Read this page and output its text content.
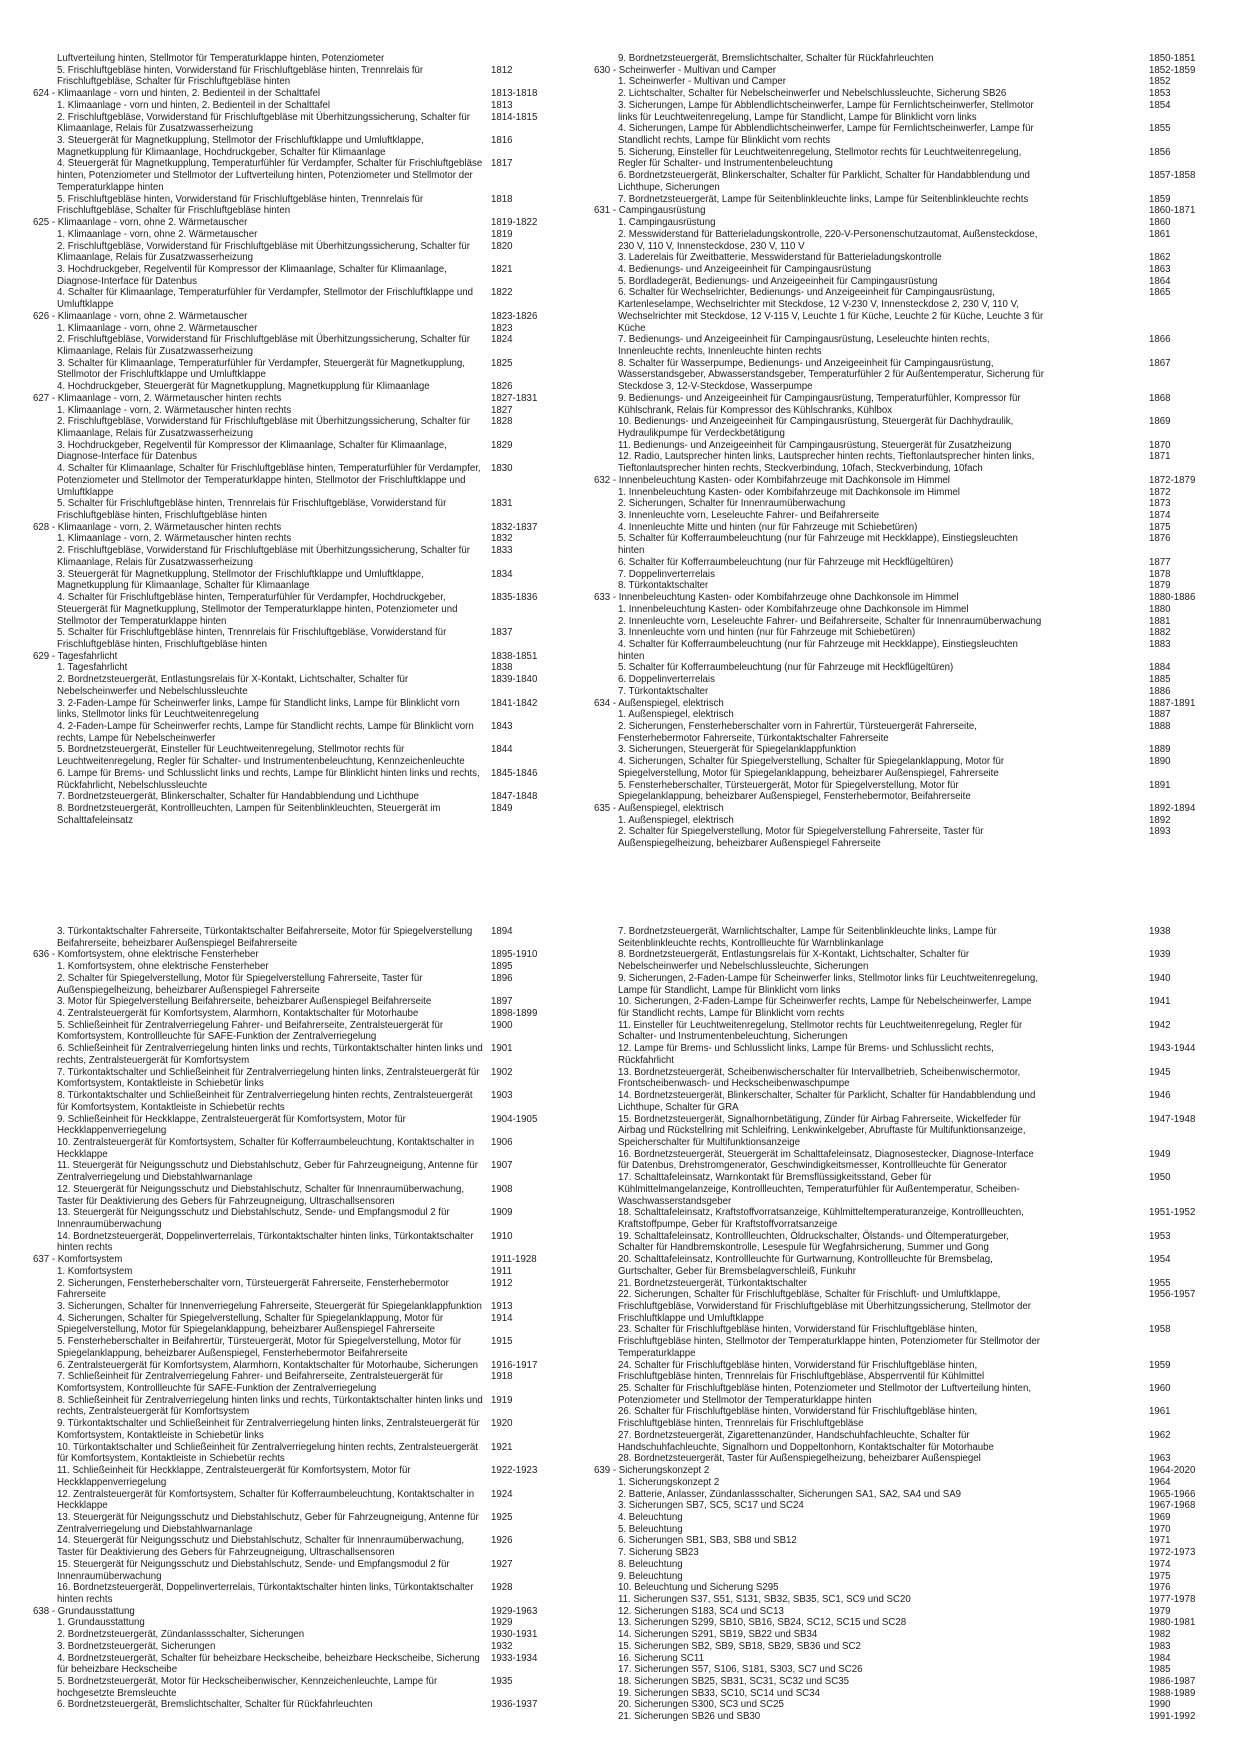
Luftverteilung hinten, Stellmotor für Temperaturklappe hinten, Potenziometer
5. Frischluftgebläse hinten, Vorwiderstand für Frischluftgebläse hinten, Trennrelais für Frischluftgebläse, Schalter für Frischluftgebläse hinten
1812
624 - Klimaanlage - vorn und hinten, 2. Bedienteil in der Schalttafel	1813-1818
1. Klimaanlage - vorn und hinten, 2. Bedienteil in der Schalttafel	1813
2. Frischluftgebläse, Vorwiderstand für Frischluftgebläse mit Überhitzungssicherung, Schalter für Klimaanlage, Relais für Zusatzwasserheizung
1814-1815
3. Steuergerät für Magnetkupplung, Stellmotor der Frischluftklappe und Umluftklappe, Magnetkupplung für Klimaanlage, Hochdruckgeber, Schalter für Klimaanlage
1816
4. Steuergerät für Magnetkupplung, Temperaturfühler für Verdampfer, Schalter für Frischluftgebläse hinten, Potenziometer und Stellmotor der Luftverteilung hinten, Potenziometer und Stellmotor der Temperaturklappe hinten
1817
5. Frischluftgebläse hinten, Vorwiderstand für Frischluftgebläse hinten, Trennrelais für Frischluftgebläse, Schalter für Frischluftgebläse hinten
1818
625 - Klimaanlage - vorn, ohne 2. Wärmetauscher	1819-1822
1. Klimaanlage - vorn, ohne 2. Wärmetauscher	1819
2. Frischluftgebläse, Vorwiderstand für Frischluftgebläse mit Überhitzungssicherung, Schalter für Klimaanlage, Relais für Zusatzwasserheizung
1820
3. Hochdruckgeber, Regelventil für Kompressor der Klimaanlage, Schalter für Klimaanlage, Diagnose-Interface für Datenbus
1821
4. Schalter für Klimaanlage, Temperaturfühler für Verdampfer, Stellmotor der Frischluftklappe und Umluftklappe
1822
626 - Klimaanlage - vorn, ohne 2. Wärmetauscher	1823-1826
1. Klimaanlage - vorn, ohne 2. Wärmetauscher	1823
2. Frischluftgebläse, Vorwiderstand für Frischluftgebläse mit Überhitzungssicherung, Schalter für Klimaanlage, Relais für Zusatzwasserheizung
1824
3. Schalter für Klimaanlage, Temperaturfühler für Verdampfer, Steuergerät für Magnetkupplung, Stellmotor der Frischluftklappe und Umluftklappe
1825
4. Hochdruckgeber, Steuergerät für Magnetkupplung, Magnetkupplung für Klimaanlage	1826
627 - Klimaanlage - vorn, 2. Wärmetauscher hinten rechts	1827-1831
1. Klimaanlage - vorn, 2. Wärmetauscher hinten rechts	1827
2. Frischluftgebläse, Vorwiderstand für Frischluftgebläse mit Überhitzungssicherung, Schalter für Klimaanlage, Relais für Zusatzwasserheizung
1828
3. Hochdruckgeber, Regelventil für Kompressor der Klimaanlage, Schalter für Klimaanlage, Diagnose-Interface für Datenbus
1829
4. Schalter für Klimaanlage, Schalter für Frischluftgebläse hinten, Temperaturfühler für Verdampfer, Potenziometer und Stellmotor der Temperaturklappe hinten, Stellmotor der Frischluftklappe und Umluftklappe
1830
5. Schalter für Frischluftgebläse hinten, Trennrelais für Frischluftgebläse, Vorwiderstand für Frischluftgebläse hinten, Frischluftgebläse hinten
1831
628 - Klimaanlage - vorn, 2. Wärmetauscher hinten rechts	1832-1837
1. Klimaanlage - vorn, 2. Wärmetauscher hinten rechts	1832
2. Frischluftgebläse, Vorwiderstand für Frischluftgebläse mit Überhitzungssicherung, Schalter für Klimaanlage, Relais für Zusatzwasserheizung
1833
3. Steuergerät für Magnetkupplung, Stellmotor der Frischluftklappe und Umluftklappe, Magnetkupplung für Klimaanlage, Schalter für Klimaanlage
1834
4. Schalter für Frischluftgebläse hinten, Temperaturfühler für Verdampfer, Hochdruckgeber, Steuergerät für Magnetkupplung, Stellmotor der Temperaturklappe hinten, Potenziometer und Stellmotor der Temperaturklappe hinten
1835-1836
5. Schalter für Frischluftgebläse hinten, Trennrelais für Frischluftgebläse, Vorwiderstand für Frischluftgebläse hinten, Frischluftgebläse hinten
1837
629 - Tagesfahrlicht	1838-1851
1. Tagesfahrlicht	1838
2. Bordnetzsteuergerät, Entlastungsrelais für X-Kontakt, Lichtschalter, Schalter für Nebelscheinwerfer und Nebelschlussleuchte
1839-1840
3. 2-Faden-Lampe für Scheinwerfer links, Lampe für Standlicht links, Lampe für Blinklicht vorn links, Stellmotor links für Leuchtweitenregelung
1841-1842
4. 2-Faden-Lampe für Scheinwerfer rechts, Lampe für Standlicht rechts, Lampe für Blinklicht vorn rechts, Lampe für Nebelscheinwerfer
1843
5. Bordnetzsteuergerät, Einsteller für Leuchtweitenregelung, Stellmotor rechts für Leuchtweitenregelung, Regler für Schalter- und Instrumentenbeleuchtung, Kennzeichenleuchte
1844
6. Lampe für Brems- und Schlusslicht links und rechts, Lampe für Blinklicht hinten links und rechts, Rückfahrlicht, Nebelschlussleuchte
1845-1846
7. Bordnetzsteuergerät, Blinkerschalter, Schalter für Handabblendung und Lichthupe	1847-1848
8. Bordnetzsteuergerät, Kontrollleuchten, Lampen für Seitenblinkleuchten, Steuergerät im Schalttafeleinsatz
1849
9. Bordnetzsteuergerät, Bremslichtschalter, Schalter für Rückfahrleuchten	1850-1851
630 - Scheinwerfer - Multivan und Camper	1852-1859
1. Scheinwerfer - Multivan und Camper	1852
2. Lichtschalter, Schalter für Nebelscheinwerfer und Nebelschlussleuchte, Sicherung SB26	1853
3. Sicherungen, Lampe für Abblendlichtscheinwerfer, Lampe für Fernlichtscheinwerfer, Stellmotor links für Leuchtweitenregelung, Lampe für Standlicht, Lampe für Blinklicht vorn links
1854
4. Sicherungen, Lampe für Abblendlichtscheinwerfer, Lampe für Fernlichtscheinwerfer, Lampe für Standlicht rechts, Lampe für Blinklicht vorn rechts
1855
5. Sicherung, Einsteller für Leuchtweitenregelung, Stellmotor rechts für Leuchtweitenregelung, Regler für Schalter- und Instrumentenbeleuchtung
1856
6. Bordnetzsteuergerät, Blinkerschalter, Schalter für Parklicht, Schalter für Handabblendung und Lichthupe, Sicherungen
1857-1858
7. Bordnetzsteuergerät, Lampe für Seitenblinkleuchte links, Lampe für Seitenblinkleuchte rechts	1859
631 - Campingausrüstung	1860-1871
1. Campingausrüstung	1860
2. Messwiderstand für Batterieladungskontrolle, 220-V-Personenschutzautomat, Außensteckdose, 230 V, 110 V, Innensteckdose, 230 V, 110 V
1861
3. Laderelais für Zweitbatterie, Messwiderstand für Batterieladungskontrolle	1862
4. Bedienungs- und Anzeigeeinheit für Campingausrüstung	1863
5. Bordladegerät, Bedienungs- und Anzeigeeinheit für Campingausrüstung	1864
6. Schalter für Wechselrichter, Bedienungs- und Anzeigeeinheit für Campingausrüstung, Kartenleselampe, Wechselrichter mit Steckdose, 12 V-230 V, Innensteckdose 2, 230 V, 110 V, Wechselrichter mit Steckdose, 12 V-115 V, Leuchte 1 für Küche, Leuchte 2 für Küche, Leuchte 3 für Küche
1865
7. Bedienungs- und Anzeigeeinheit für Campingausrüstung, Leseleuchte hinten rechts, Innenleuchte rechts, Innenleuchte hinten rechts
1866
8. Schalter für Wasserpumpe, Bedienungs- und Anzeigeeinheit für Campingausrüstung, Wasserstandsgeber, Abwasserstandsgeber, Temperaturfühler 2 für Außentemperatur, Sicherung für Steckdose 3, 12-V-Steckdose, Wasserpumpe
1867
9. Bedienungs- und Anzeigeeinheit für Campingausrüstung, Temperaturfühler, Kompressor für Kühlschrank, Relais für Kompressor des Kühlschranks, Kühlbox
1868
10. Bedienungs- und Anzeigeeinheit für Campingausrüstung, Steuergerät für Dachhydraulik, Hydraulikpumpe für Verdeckbetätigung
1869
11. Bedienungs- und Anzeigeeinheit für Campingausrüstung, Steuergerät für Zusatzheizung	1870
12. Radio, Lautsprecher hinten links, Lautsprecher hinten rechts, Tieftonlautsprecher hinten links, Tieftonlautsprecher hinten rechts, Steckverbindung, 10fach, Steckverbindung, 10fach
1871
632 - Innenbeleuchtung Kasten- oder Kombifahrzeuge mit Dachkonsole im Himmel	1872-1879
1. Innenbeleuchtung Kasten- oder Kombifahrzeuge mit Dachkonsole im Himmel	1872
2. Sicherungen, Schalter für Innenraumüberwachung	1873
3. Innenleuchte vorn, Leseleuchte Fahrer- und Beifahrerseite	1874
4. Innenleuchte Mitte und hinten (nur für Fahrzeuge mit Schiebetüren)	1875
5. Schalter für Kofferraumbeleuchtung (nur für Fahrzeuge mit Heckklappe), Einstiegsleuchten hinten
1876
6. Schalter für Kofferraumbeleuchtung (nur für Fahrzeuge mit Heckflügeltüren)	1877
7. Doppelinverterrelais	1878
8. Türkontaktschalter	1879
633 - Innenbeleuchtung Kasten- oder Kombifahrzeuge ohne Dachkonsole im Himmel	1880-1886
1. Innenbeleuchtung Kasten- oder Kombifahrzeuge ohne Dachkonsole im Himmel	1880
2. Innenleuchte vorn, Leseleuchte Fahrer- und Beifahrerseite, Schalter für Innenraumüberwachung	1881
3. Innenleuchte vorn und hinten (nur für Fahrzeuge mit Schiebetüren)	1882
4. Schalter für Kofferraumbeleuchtung (nur für Fahrzeuge mit Heckklappe), Einstiegsleuchten hinten
1883
5. Schalter für Kofferraumbeleuchtung (nur für Fahrzeuge mit Heckflügeltüren)	1884
6. Doppelinverterrelais	1885
7. Türkontaktschalter	1886
634 - Außenspiegel, elektrisch	1887-1891
1. Außenspiegel, elektrisch	1887
2. Sicherungen, Fensterheberschalter vorn in Fahrertür, Türsteuergerät Fahrerseite, Fensterhebermotor Fahrerseite, Türkontaktschalter Fahrerseite
1888
3. Sicherungen, Steuergerät für Spiegelanklappfunktion	1889
4. Sicherungen, Schalter für Spiegelverstellung, Schalter für Spiegelanklappung, Motor für Spiegelverstellung, Motor für Spiegelanklappung, beheizbarer Außenspiegel, Fahrerseite
1890
5. Fensterheberschalter, Türsteuergerät, Motor für Spiegelverstellung, Motor für Spiegelanklappung, beheizbarer Außenspiegel, Fensterhebermotor, Beifahrerseite
1891
635 - Außenspiegel, elektrisch	1892-1894
1. Außenspiegel, elektrisch	1892
2. Schalter für Spiegelverstellung, Motor für Spiegelverstellung Fahrerseite, Taster für Außenspiegelheizung, beheizbarer Außenspiegel Fahrerseite
1893
3. Türkontaktschalter Fahrerseite, Türkontaktschalter Beifahrerseite, Motor für Spiegelverstellung Beifahrerseite, beheizbarer Außenspiegel Beifahrerseite
1894
636 - Komfortsystem, ohne elektrische Fensterheber	1895-1910
1. Komfortsystem, ohne elektrische Fensterheber	1895
2. Schalter für Spiegelverstellung, Motor für Spiegelverstellung Fahrerseite, Taster für Außenspiegelheizung, beheizbarer Außenspiegel Fahrerseite
1896
3. Motor für Spiegelverstellung Beifahrerseite, beheizbarer Außenspiegel Beifahrerseite	1897
4. Zentralsteuergerät für Komfortsystem, Alarmhorn, Kontaktschalter für Motorhaube	1898-1899
5. Schließeinheit für Zentralverriegelung Fahrer- und Beifahrerseite, Zentralsteuergerät für Komfortsystem, Kontrollleuchte für SAFE-Funktion der Zentralverriegelung
1900
6. Schließeinheit für Zentralverriegelung hinten links und rechts, Türkontaktschalter hinten links und rechts, Zentralsteuergerät für Komfortsystem
1901
7. Türkontaktschalter und Schließeinheit für Zentralverriegelung hinten links, Zentralsteuergerät für Komfortsystem, Kontaktleiste in Schiebetür links
1902
8. Türkontaktschalter und Schließeinheit für Zentralverriegelung hinten rechts, Zentralsteuergerät für Komfortsystem, Kontaktleiste in Schiebetür rechts
1903
9. Schließeinheit für Heckklappe, Zentralsteuergerät für Komfortsystem, Motor für Heckklappenverriegelung
1904-1905
10. Zentralsteuergerät für Komfortsystem, Schalter für Kofferraumbeleuchtung, Kontaktschalter in Heckklappe
1906
11. Steuergerät für Neigungsschutz und Diebstahlschutz, Geber für Fahrzeugneigung, Antenne für Zentralverriegelung und Diebstahlwarnanlage
1907
12. Steuergerät für Neigungsschutz und Diebstahlschutz, Schalter für Innenraumüberwachung, Taster für Deaktivierung des Gebers für Fahrzeugneigung, Ultraschallsensoren
1908
13. Steuergerät für Neigungsschutz und Diebstahlschutz, Sende- und Empfangsmodul 2 für Innenraumüberwachung
1909
14. Bordnetzsteuergerät, Doppelinverterrelais, Türkontaktschalter hinten links, Türkontaktschalter hinten rechts
1910
637 - Komfortsystem	1911-1928
1. Komfortsystem	1911
2. Sicherungen, Fensterheberschalter vorn, Türsteuergerät Fahrerseite, Fensterhebermotor Fahrerseite
1912
3. Sicherungen, Schalter für Innenverriegelung Fahrerseite, Steuergerät für Spiegelanklappfunktion 1913
4. Sicherungen, Schalter für Spiegelverstellung, Schalter für Spiegelanklappung, Motor für Spiegelverstellung, Motor für Spiegelanklappung, beheizbarer Außenspiegel Fahrerseite
1914
5. Fensterheberschalter in Beifahrertür, Türsteuergerät, Motor für Spiegelverstellung, Motor für Spiegelanklappung, beheizbarer Außenspiegel, Fensterhebermotor Beifahrerseite
1915
6. Zentralsteuergerät für Komfortsystem, Alarmhorn, Kontaktschalter für Motorhaube, Sicherungen	1916-1917
7. Schließeinheit für Zentralverriegelung Fahrer- und Beifahrerseite, Zentralsteuergerät für Komfortsystem, Kontrollleuchte für SAFE-Funktion der Zentralverriegelung
1918
8. Schließeinheit für Zentralverriegelung hinten links und rechts, Türkontaktschalter hinten links und rechts, Zentralsteuergerät für Komfortsystem
1919
9. Türkontaktschalter und Schließeinheit für Zentralverriegelung hinten links, Zentralsteuergerät für Komfortsystem, Kontaktleiste in Schiebetür links
1920
10. Türkontaktschalter und Schließeinheit für Zentralverriegelung hinten rechts, Zentralsteuergerät für Komfortsystem, Kontaktleiste in Schiebetür rechts
1921
11. Schließeinheit für Heckklappe, Zentralsteuergerät für Komfortsystem, Motor für Heckklappenverriegelung
1922-1923
12. Zentralsteuergerät für Komfortsystem, Schalter für Kofferraumbeleuchtung, Kontaktschalter in Heckklappe
1924
13. Steuergerät für Neigungsschutz und Diebstahlschutz, Geber für Fahrzeugneigung, Antenne für Zentralverriegelung und Diebstahlwarnanlage
1925
14. Steuergerät für Neigungsschutz und Diebstahlschutz, Schalter für Innenraumüberwachung, Taster für Deaktivierung des Gebers für Fahrzeugneigung, Ultraschallsensoren
1926
15. Steuergerät für Neigungsschutz und Diebstahlschutz, Sende- und Empfangsmodul 2 für Innenraumüberwachung
1927
16. Bordnetzsteuergerät, Doppelinverterrelais, Türkontaktschalter hinten links, Türkontaktschalter hinten rechts
1928
638 - Grundausstattung	1929-1963
1. Grundausstattung	1929
2. Bordnetzsteuergerät, Zündanlassschalter, Sicherungen	1930-1931
3. Bordnetzsteuergerät, Sicherungen	1932
4. Bordnetzsteuergerät, Schalter für beheizbare Heckscheibe, beheizbare Heckscheibe, Sicherung für beheizbare Heckscheibe
1933-1934
5. Bordnetzsteuergerät, Motor für Heckscheibenwischer, Kennzeichenleuchte, Lampe für hochgesetzte Bremsleuchte
1935
6. Bordnetzsteuergerät, Bremslichtschalter, Schalter für Rückfahrleuchten	1936-1937
7. Bordnetzsteuergerät, Warnlichtschalter, Lampe für Seitenblinkleuchte links, Lampe für Seitenblinkleuchte rechts, Kontrollleuchte für Warnblinkanlage
1938
8. Bordnetzsteuergerät, Entlastungsrelais für X-Kontakt, Lichtschalter, Schalter für Nebelscheinwerfer und Nebelschlussleuchte, Sicherungen
1939
9. Sicherungen, 2-Faden-Lampe für Scheinwerfer links, Stellmotor links für Leuchtweitenregelung, Lampe für Standlicht, Lampe für Blinklicht vorn links
1940
10. Sicherungen, 2-Faden-Lampe für Scheinwerfer rechts, Lampe für Nebelscheinwerfer, Lampe für Standlicht rechts, Lampe für Blinklicht vorn rechts
1941
11. Einsteller für Leuchtweitenregelung, Stellmotor rechts für Leuchtweitenregelung, Regler für Schalter- und Instrumentenbeleuchtung, Sicherungen
1942
12. Lampe für Brems- und Schlusslicht links, Lampe für Brems- und Schlusslicht rechts, Rückfahrlicht
1943-1944
13. Bordnetzsteuergerät, Scheibenwischerschalter für Intervallbetrieb, Scheibenwischermotor, Frontscheibenwasch- und Heckscheibenwaschpumpe
1945
14. Bordnetzsteuergerät, Blinkerschalter, Schalter für Parklicht, Schalter für Handabblendung und Lichthupe, Schalter für GRA
1946
15. Bordnetzsteuergerät, Signalhornbetätigung, Zünder für Airbag Fahrerseite, Wickelfeder für Airbag und Rückstellring mit Schleifring, Lenkwinkelgeber, Abruftaste für Multifunktionsanzeige, Speicherschalter für Multifunktionsanzeige
1947-1948
16. Bordnetzsteuergerät, Steuergerät im Schalttafeleinsatz, Diagnosestecker, Diagnose-Interface für Datenbus, Drehstromgenerator, Geschwindigkeitsmesser, Kontrollleuchte für Generator
1949
17. Schalttafeleinsatz, Warnkontakt für Bremsflüssigkeitsstand, Geber für Kühlmittelmangelanzeige, Kontrollleuchten, Temperaturfühler für Außentemperatur, Scheiben-Waschwasserstandsgeber
1950
18. Schalttafeleinsatz, Kraftstoffvorratsanzeige, Kühlmitteltemperaturanzeige, Kontrollleuchten, Kraftstoffpumpe, Geber für Kraftstoffvorratsanzeige
1951-1952
19. Schalttafeleinsatz, Kontrollleuchten, Öldruckschalter, Ölstands- und Öltemperaturgeber, Schalter für Handbremskontrolle, Lesespule für Wegfahrsicherung, Summer und Gong
1953
20. Schalttafeleinsatz, Kontrollleuchte für Gurtwarnung, Kontrollleuchte für Bremsbelag, Gurtschalter, Geber für Bremsbelagverschleiß, Funkuhr
1954
21. Bordnetzsteuergerät, Türkontaktschalter	1955
22. Sicherungen, Schalter für Frischluftgebläse, Schalter für Frischluft- und Umluftklappe, Frischluftgebläse, Vorwiderstand für Frischluftgebläse mit Überhitzungssicherung, Stellmotor der Frischluftklappe und Umluftklappe
1956-1957
23. Schalter für Frischluftgebläse hinten, Vorwiderstand für Frischluftgebläse hinten, Frischluftgebläse hinten, Stellmotor der Temperaturklappe hinten, Potenziometer für Stellmotor der Temperaturklappe
1958
24. Schalter für Frischluftgebläse hinten, Vorwiderstand für Frischluftgebläse hinten, Frischluftgebläse hinten, Trennrelais für Frischluftgebläse, Absperrventil für Kühlmittel
1959
25. Schalter für Frischluftgebläse hinten, Potenziometer und Stellmotor der Luftverteilung hinten, Potenziometer und Stellmotor der Temperaturklappe hinten
1960
26. Schalter für Frischluftgebläse hinten, Vorwiderstand für Frischluftgebläse hinten, Frischluftgebläse hinten, Trennrelais für Frischluftgebläse
1961
27. Bordnetzsteuergerät, Zigarettenanzünder, Handschuhfachleuchte, Schalter für Handschuhfachleuchte, Signalhorn und Doppeltonhorn, Kontaktschalter für Motorhaube
1962
28. Bordnetzsteuergerät, Taster für Außenspiegelheizung, beheizbarer Außenspiegel	1963
639 - Sicherungskonzept 2	1964-2020
1. Sicherungskonzept 2	1964
2. Batterie, Anlasser, Zündanlassschalter, Sicherungen SA1, SA2, SA4 und SA9	1965-1966
3. Sicherungen SB7, SC5, SC17 und SC24	1967-1968
4. Beleuchtung	1969
5. Beleuchtung	1970
6. Sicherungen SB1, SB3, SB8 und SB12	1971
7. Sicherung SB23	1972-1973
8. Beleuchtung	1974
9. Beleuchtung	1975
10. Beleuchtung und Sicherung S295	1976
11. Sicherungen S37, S51, S131, SB32, SB35, SC1, SC9 und SC20	1977-1978
12. Sicherungen S183, SC4 und SC13	1979
13. Sicherungen S299, SB10, SB16, SB24, SC12, SC15 und SC28	1980-1981
14. Sicherungen S291, SB19, SB22 und SB34	1982
15. Sicherungen SB2, SB9, SB18, SB29, SB36 und SC2	1983
16. Sicherung SC11	1984
17. Sicherungen S57, S106, S181, S303, SC7 und SC26	1985
18. Sicherungen SB25, SB31, SC31, SC32 und SC35	1986-1987
19. Sicherungen SB33, SC10, SC14 und SC34	1988-1989
20. Sicherungen S300, SC3 und SC25	1990
21. Sicherungen SB26 und SB30	1991-1992
